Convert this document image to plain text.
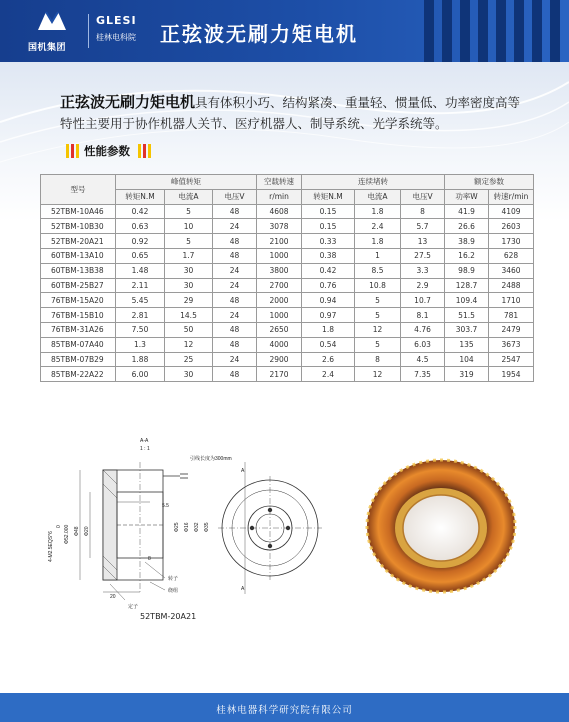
国机集团
GLESI
桂林电科院 正弦波无刷力矩电机
正弦波无刷力矩电机具有体积小巧、结构紧凑、重量轻、惯量低、功率密度高等特性主要用于协作机器人关节、医疗机器人、制导系统、光学系统等。
性能参数
型号	峰值转矩			空载转速	连续堵转			额定参数	
	转矩N.M	电流A	电压V	r/min	转矩N.M	电流A	电压V	功率W	转速r/min
52TBM-10A46	0.42	5	48	4608	0.15	1.8	8	41.9	4109
52TBM-10B30	0.63	10	24	3078	0.15	2.4	5.7	26.6	2603
52TBM-20A21	0.92	5	48	2100	0.33	1.8	13	38.9	1730
60TBM-13A10	0.65	1.7	48	1000	0.38	1	27.5	16.2	628
60TBM-13B38	1.48	30	24	3800	0.42	8.5	3.3	98.9	3460
60TBM-25B27	2.11	30	24	2700	0.76	10.8	2.9	128.7	2488
76TBM-15A20	5.45	29	48	2000	0.94	5	10.7	109.4	1710
76TBM-15B10	2.81	14.5	24	1000	0.97	5	8.1	51.5	781
76TBM-31A26	7.50	50	48	2650	1.8	12	4.76	303.7	2479
85TBM-07A40	1.3	12	48	4000	0.54	5	6.03	135	3673
85TBM-07B29	1.88	25	24	2900	2.6	8	4.5	104	2547
85TBM-22A22	6.00	30	48	2170	2.4	12	7.35	319	1954
A-A
1 : 1
引线长度为300mm
5.5
20
8
转子
绕组
定子
A
A
4-M2.5EQS*6
0 Φ52.000 Φ48 Φ20	Φ25 Φ16 Φ32 Φ35
52TBM-20A21
桂林电器科学研究院有限公司
